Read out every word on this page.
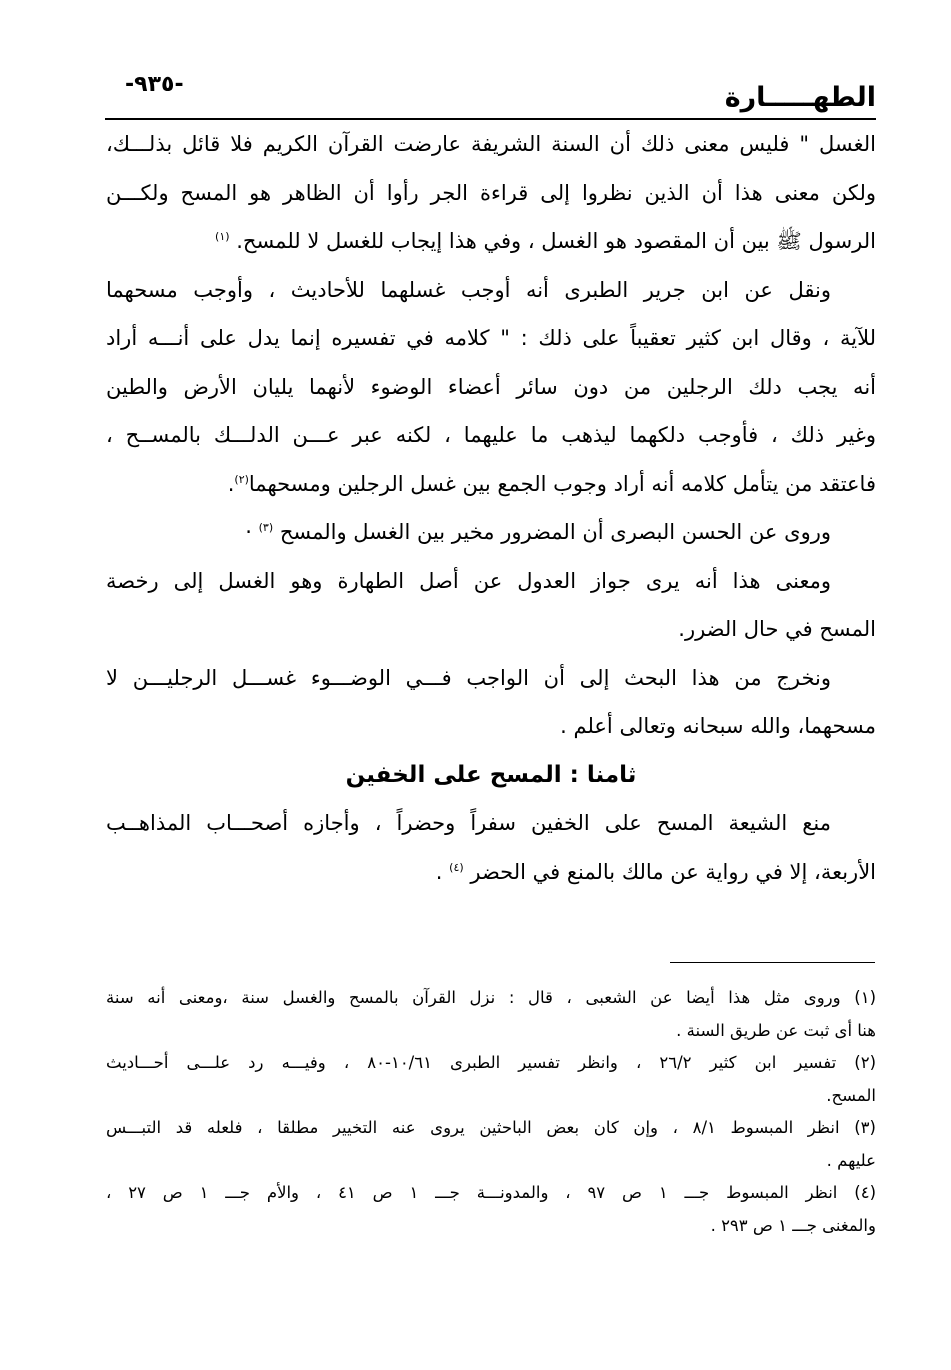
-٩٣٥-	الطهـــــارة
الغسل " فليس معنى ذلك أن السنة الشريفة عارضت القرآن الكريم فلا قائل بذلـــك،
ولكن معنى هذا أن الذين نظروا إلى قراءة الجر رأوا أن الظاهر هو المسح ولكـــن
الرسول ﷺ بين أن المقصود هو الغسل ، وفي هذا إيجاب للغسل لا للمسح. $^{(١)}$
ونقل عن ابن جرير الطبرى أنه أوجب غسلهما للأحاديث ، وأوجب مسحهما
للآية ، وقال ابن كثير تعقيباً على ذلك : " كلامه في تفسيره إنما يدل على أنـــه أراد
أنه يجب دلك الرجلين من دون سائر أعضاء الوضوء لأنهما يليان الأرض والطين
وغير ذلك ، فأوجب دلكهما ليذهب ما عليهما ، لكنه عبر عـــن الدلـــك بالمســح ،
فاعتقد من يتأمل كلامه أنه أراد وجوب الجمع بين غسل الرجلين ومسحهما$^{(٢)}$.
وروى عن الحسن البصرى أن المضرور مخير بين الغسل والمسح $^{(٣)}$ ·
ومعنى هذا أنه يرى جواز العدول عن أصل الطهارة وهو الغسل إلى رخصة
المسح في حال الضرر.
ونخرج من هذا البحث إلى أن الواجب فـــي الوضـــوء غســـل الرجليـــن لا
مسحهما، والله سبحانه وتعالى أعلم .
ثامنا : المسح على الخفين
منع الشيعة المسح على الخفين سفراً وحضراً ، وأجازه أصحـــاب المذاهــب
الأربعة، إلا في رواية عن مالك بالمنع في الحضر $^{(٤)}$ .
(١) وروى مثل هذا أيضا عن الشعبى ، قال : نزل القرآن بالمسح والغسل سنة ،ومعنى أنه سنة
هنا أى ثبت عن طريق السنة .
(٢) تفسير ابن كثير ٢٦/٢ ، وانظر تفسير الطبرى ١٠/٦١-٨٠ ، وفيـــه رد علـــى أحـــاديث
المسح.
(٣) انظر المبسوط ٨/١ ، وإن كان بعض الباحثين يروى عنه التخيير مطلقا ، فلعله قد التبـــس
عليهم .
(٤) انظر المبسوط جـــ ١ ص ٩٧ ، والمدونـــة جـــ ١ ص ٤١ ، والأم جـــ ١ ص ٢٧ ،
والمغنى جـــ ١ ص ٢٩٣ .
